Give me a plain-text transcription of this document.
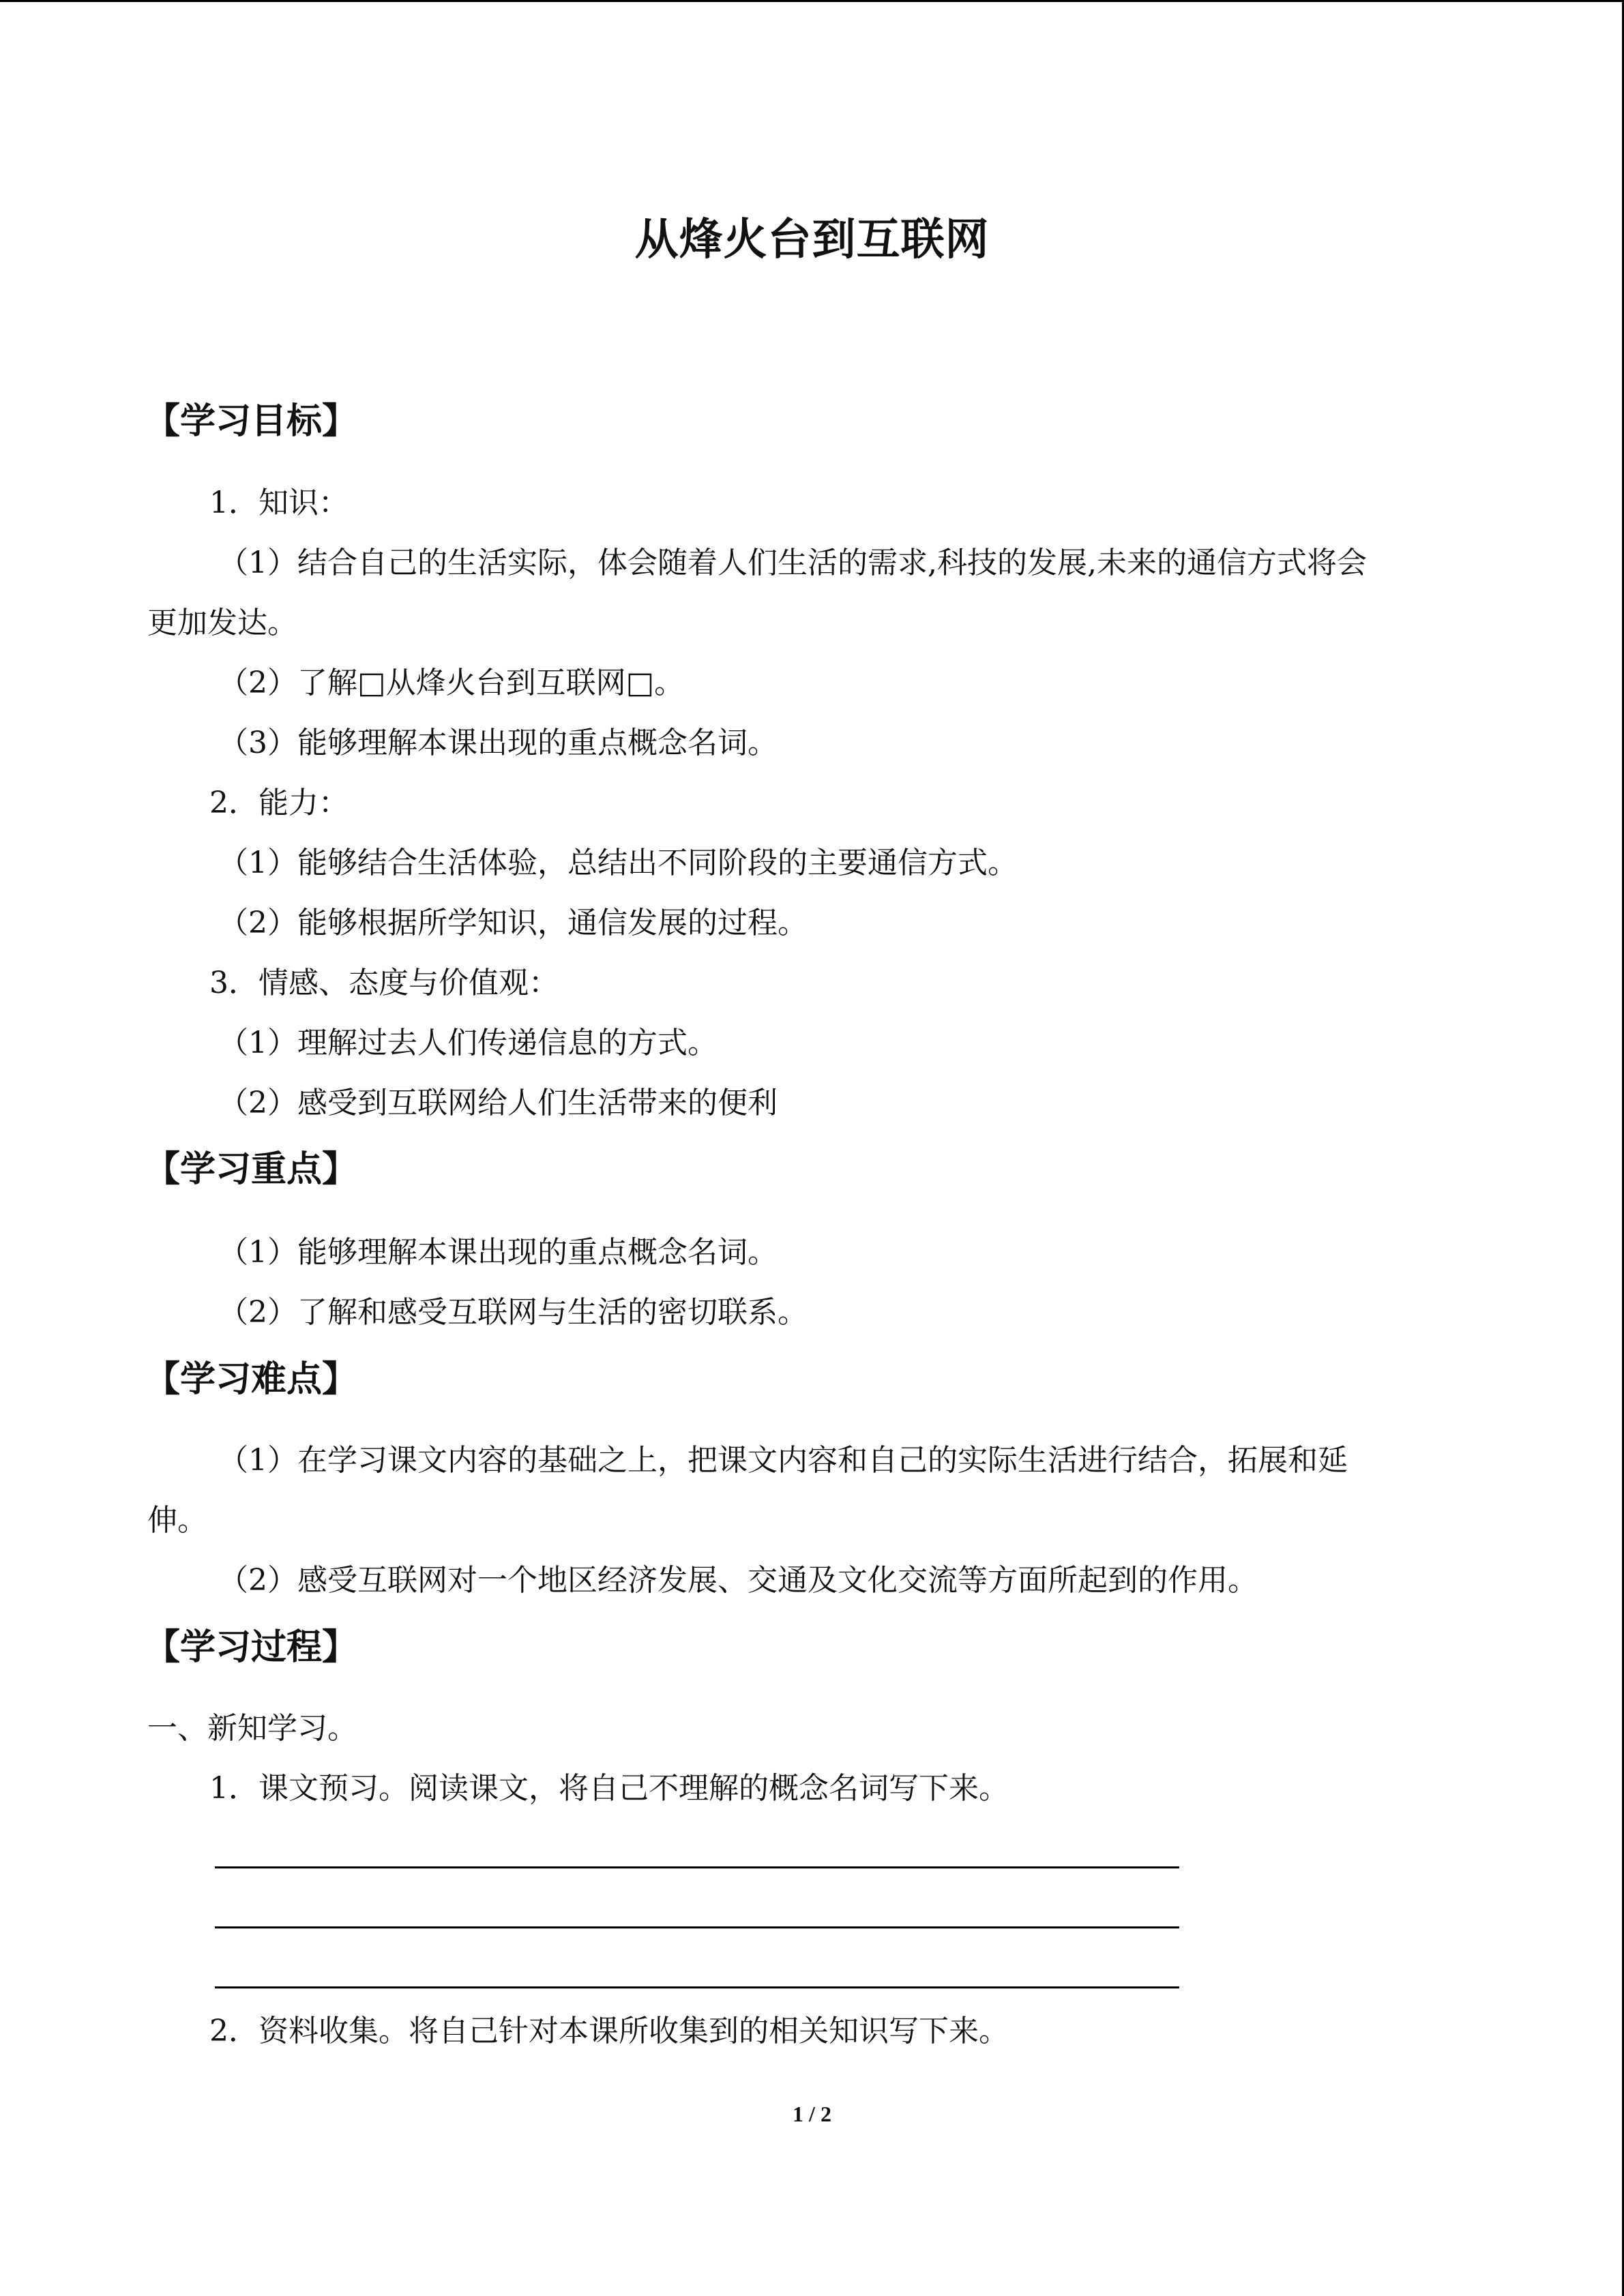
从烽火台到互联网
【学习目标】
1．知识：
（1）结合自己的生活实际，体会随着人们生活的需求,科技的发展,未来的通信方式将会
更加发达。
（2）了解□从烽火台到互联网□。
（3）能够理解本课出现的重点概念名词。
2．能力：
（1）能够结合生活体验，总结出不同阶段的主要通信方式。
（2）能够根据所学知识，通信发展的过程。
3．情感、态度与价值观：
（1）理解过去人们传递信息的方式。
（2）感受到互联网给人们生活带来的便利
【学习重点】
（1）能够理解本课出现的重点概念名词。
（2）了解和感受互联网与生活的密切联系。
【学习难点】
（1）在学习课文内容的基础之上，把课文内容和自己的实际生活进行结合，拓展和延
伸。
（2）感受互联网对一个地区经济发展、交通及文化交流等方面所起到的作用。
【学习过程】
一、新知学习。
1．课文预习。阅读课文，将自己不理解的概念名词写下来。
2．资料收集。将自己针对本课所收集到的相关知识写下来。
1 / 2
